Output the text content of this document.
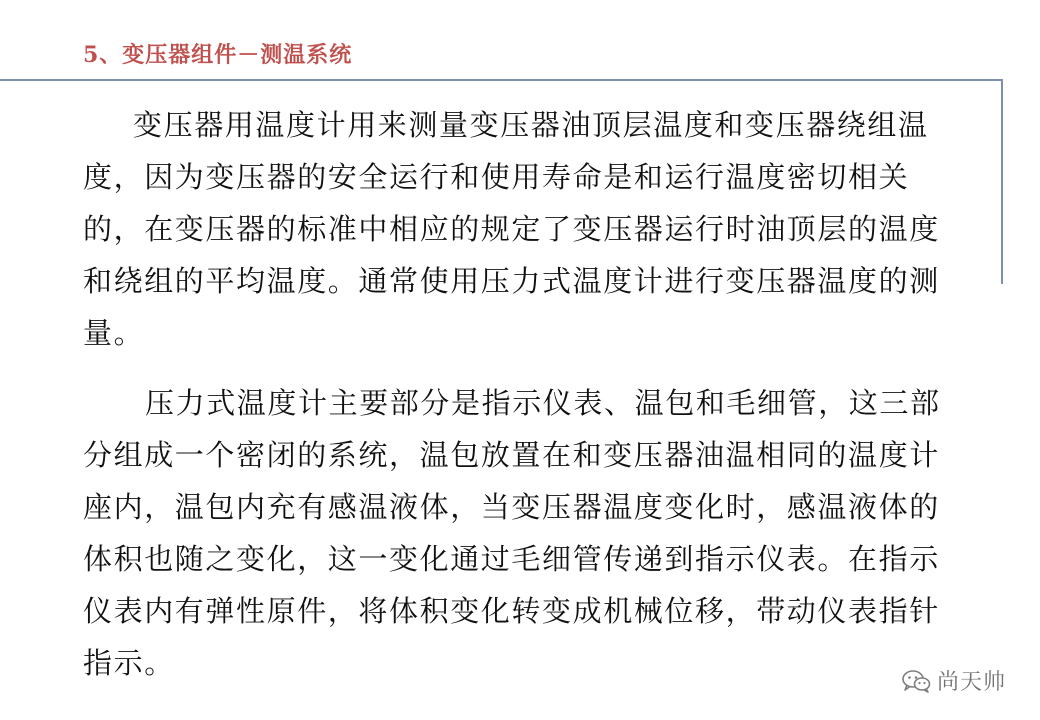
5、变压器组件－测温系统

变压器用温度计用来测量变压器油顶层温度和变压器绕组温度，因为变压器的安全运行和使用寿命是和运行温度密切相关的，在变压器的标准中相应的规定了变压器运行时油顶层的温度和绕组的平均温度。通常使用压力式温度计进行变压器温度的测量。

压力式温度计主要部分是指示仪表、温包和毛细管，这三部分组成一个密闭的系统，温包放置在和变压器油温相同的温度计座内，温包内充有感温液体，当变压器温度变化时，感温液体的体积也随之变化，这一变化通过毛细管传递到指示仪表。在指示仪表内有弹性原件，将体积变化转变成机械位移，带动仪表指针指示。

尚天帅
